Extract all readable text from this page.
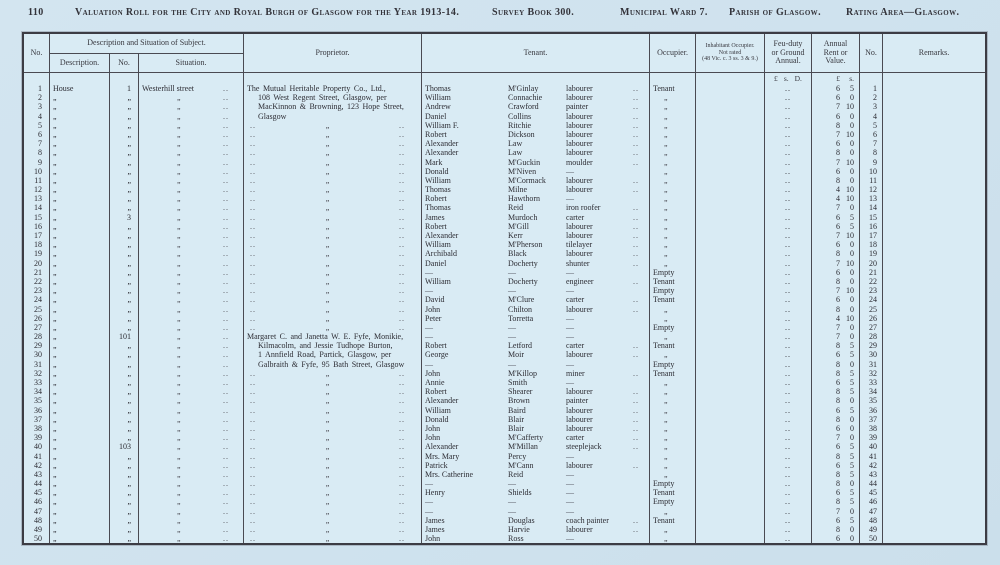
110	Valuation Roll for the City and Royal Burgh of Glasgow for the Year 1913-14.	Survey Book 300.	Municipal Ward 7. Parish of Glasgow.	Rating Area—Glasgow.
No.
Description and Situation of Subject.
Description.	No.	Situation.
Proprietor.	Tenant.	Occupier.
Inhabitant Occupier.
Not rated
(48 Vic. c. 3 ss. 3 & 9.)
Feu-duty
or Ground
Annual.
Annual
Rent or
Value.
No.	Remarks.
£ s. D.	£	s.
1	House	1	Westerhill street	..	The Mutual Heritable Property Co., Ltd.,	Thomas	M'Ginlay	labourer	..	Tenant	..	6	5	1
2	„	„	„	..	108 West Regent Street, Glasgow, per	William	Connachie	labourer	..	„	..	6	0	2
3	„	„	„	..	MacKinnon & Browning, 123 Hope Street,	Andrew	Crawford	painter	..	„	..	7 10	3
4	„	„	„	..	Glasgow	Daniel	Collins	labourer	..	„	..	6	0	4
5	„	„	„	..	..	„	..	William F.	Ritchie	labourer	..	„	..	8	0	5
6	„	„	„	..	..	„	..	Robert	Dickson	labourer	..	„	..	7 10	6
7	„	„	„	..	..	„	..	Alexander	Law	labourer	..	„	..	6	0	7
8	„	„	„	..	..	„	..	Alexander	Law	labourer	..	„	..	8	0	8
9	„	„	„	..	..	„	..	Mark	M'Guckin	moulder	..	„	..	7 10	9
10	„	„	„	..	..	„	..	Donald	M'Niven	—	„	..	6	0	10
11	„	„	„	..	..	„	..	William	M'Cormack	labourer	..	„	..	8	0	11
12	„	„	„	..	..	„	..	Thomas	Milne	labourer	..	„	..	4 10	12
13	„	„	„	..	..	„	..	Robert	Hawthorn	—	„	..	4 10	13
14	„	„	„	..	..	„	..	Thomas	Reid	iron roofer	..	„	..	7	0	14
15	„	3	„	..	..	„	..	James	Murdoch	carter	..	„	..	6	5	15
16	„	„	„	..	..	„	..	Robert	M'Gill	labourer	..	„	..	6	5	16
17	„	„	„	..	..	„	..	Alexander	Kerr	labourer	..	„	..	7 10	17
18	„	„	„	..	..	„	..	William	M'Pherson	tilelayer	..	„	..	6	0	18
19	„	„	„	..	..	„	..	Archibald	Black	labourer	..	„	..	8	0	19
20	„	„	„	..	..	„	..	Daniel	Docherty	shunter	..	„	..	7 10	20
21	„	„	„	..	..	„	..	—	—	—	Empty	..	6	0	21
22	„	„	„	..	..	„	..	William	Docherty	engineer	..	Tenant	..	8	0	22
23	„	„	„	..	..	„	..	—	—	—	Empty	..	7 10	23
24	„	„	„	..	..	„	..	David	M'Clure	carter	..	Tenant	..	6	0	24
25	„	„	„	..	..	„	..	John	Chilton	labourer	..	„	..	8	0	25
26	„	„	„	..	..	„	..	Peter	Torretta	—	„	..	4 10	26
27	„	„	„	..	..	„	..	—	—	—	Empty	..	7	0	27
28	„	101	„	..	Margaret C. and Janetta W. E. Fyfe, Monikie,	—	—	—	„	..	7	0	28
29	„	„	„	..	Kilmacolm, and Jessie Tudhope Burton,	Robert	Letford	carter	..	Tenant	..	8	5	29
30	„	„	„	..	1 Annfield Road, Partick, Glasgow, per	George	Moir	labourer	..	„	..	6	5	30
31	„	„	„	..	Galbraith & Fyfe, 95 Bath Street, Glasgow	—	—	—	Empty	..	8	0	31
32	„	„	„	..	..	„	..	John	M'Killop	miner	..	Tenant	..	8	5	32
33	„	„	„	..	..	„	..	Annie	Smith	—	„	..	6	5	33
34	„	„	„	..	..	„	..	Robert	Shearer	labourer	..	„	..	8	5	34
35	„	„	„	..	..	„	..	Alexander	Brown	painter	..	„	..	8	0	35
36	„	„	„	..	..	„	..	William	Baird	labourer	..	„	..	6	5	36
37	„	„	„	..	..	„	..	Donald	Blair	labourer	..	„	..	8	0	37
38	„	„	„	..	..	„	..	John	Blair	labourer	..	„	..	6	0	38
39	„	„	„	..	..	„	..	John	M'Cafferty	carter	..	„	..	7	0	39
40	„	103	„	..	..	„	..	Alexander	M'Millan	steeplejack	..	„	..	6	5	40
41	„	„	„	..	..	„	..	Mrs. Mary	Percy	—	„	..	8	5	41
42	„	„	„	..	..	„	..	Patrick	M'Cann	labourer	..	„	..	6	5	42
43	„	„	„	..	..	„	..	Mrs. Catherine	Reid	—	„	..	8	5	43
44	„	„	„	..	..	„	..	—	—	—	Empty	..	8	0	44
45	„	„	„	..	..	„	..	Henry	Shields	—	Tenant	..	6	5	45
46	„	„	„	..	..	„	..	—	—	—	Empty	..	8	5	46
47	„	„	„	..	..	„	..	—	—	—	„	..	7	0	47
48	„	„	„	..	..	„	..	James	Douglas	coach painter	..	Tenant	..	6	5	48
49	„	„	„	..	..	„	..	James	Harvie	labourer	..	„	..	8	0	49
50	„	„	„	..	..	„	..	John	Ross	—	„	..	6	0	50
